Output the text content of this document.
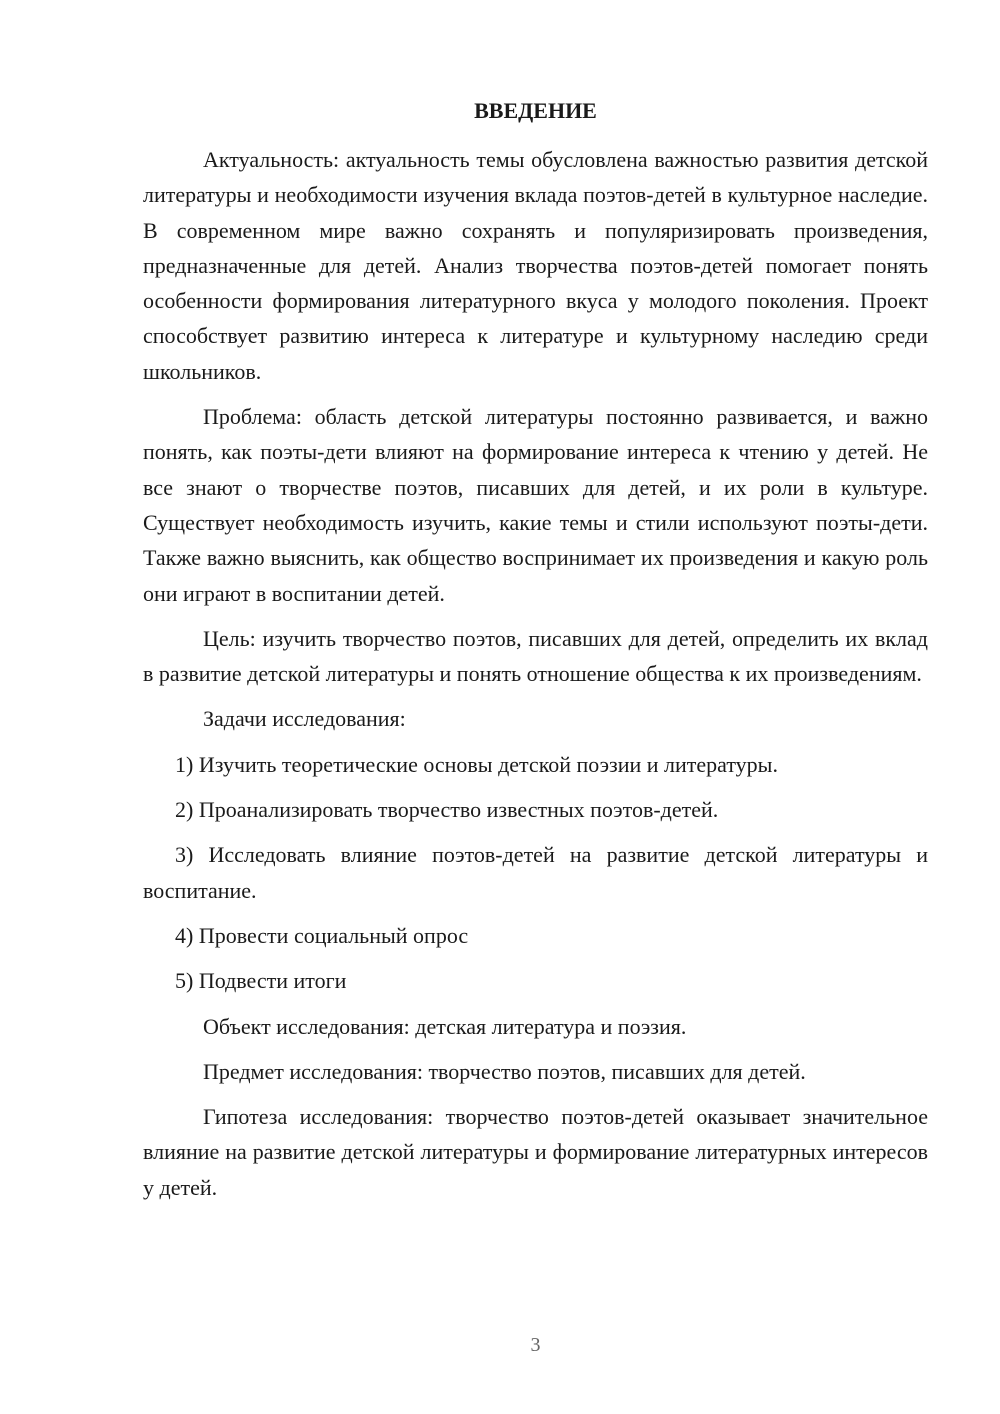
ВВЕДЕНИЕ

Актуальность: актуальность темы обусловлена важностью развития детской литературы и необходимости изучения вклада поэтов-детей в культурное наследие. В современном мире важно сохранять и популяризировать произведения, предназначенные для детей. Анализ творчества поэтов-детей помогает понять особенности формирования литературного вкуса у молодого поколения. Проект способствует развитию интереса к литературе и культурному наследию среди школьников.

Проблема: область детской литературы постоянно развивается, и важно понять, как поэты-дети влияют на формирование интереса к чтению у детей. Не все знают о творчестве поэтов, писавших для детей, и их роли в культуре. Существует необходимость изучить, какие темы и стили используют поэты-дети. Также важно выяснить, как общество воспринимает их произведения и какую роль они играют в воспитании детей.

Цель: изучить творчество поэтов, писавших для детей, определить их вклад в развитие детской литературы и понять отношение общества к их произведениям.

Задачи исследования:

1) Изучить теоретические основы детской поэзии и литературы.

2) Проанализировать творчество известных поэтов-детей.

3) Исследовать влияние поэтов-детей на развитие детской литературы и воспитание.

4) Провести социальный опрос

5) Подвести итоги

Объект исследования: детская литература и поэзия.

Предмет исследования: творчество поэтов, писавших для детей.

Гипотеза исследования: творчество поэтов-детей оказывает значительное влияние на развитие детской литературы и формирование литературных интересов у детей.

3
